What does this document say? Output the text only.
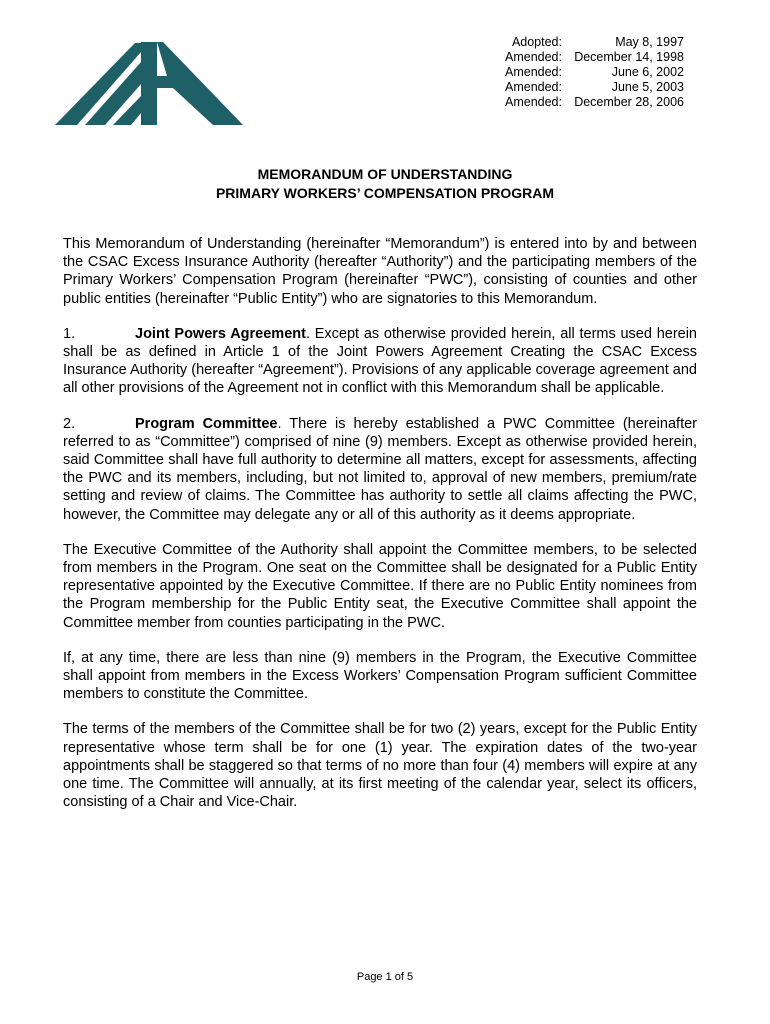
Adopted:	May 8, 1997
Amended:	December 14, 1998
Amended:	June 6, 2002
Amended:	June 5, 2003
Amended:	December 28, 2006
MEMORANDUM OF UNDERSTANDING
PRIMARY WORKERS’ COMPENSATION PROGRAM

This Memorandum of Understanding (hereinafter “Memorandum”) is entered into by and between the CSAC Excess Insurance Authority (hereafter “Authority”) and the participating members of the Primary Workers’ Compensation Program (hereinafter “PWC”), consisting of counties and other public entities (hereinafter “Public Entity”) who are signatories to this Memorandum.

1.	Joint Powers Agreement. Except as otherwise provided herein, all terms used herein shall be as defined in Article 1 of the Joint Powers Agreement Creating the CSAC Excess Insurance Authority (hereafter “Agreement”). Provisions of any applicable coverage agreement and all other provisions of the Agreement not in conflict with this Memorandum shall be applicable.

2.	Program Committee. There is hereby established a PWC Committee (hereinafter referred to as “Committee”) comprised of nine (9) members. Except as otherwise provided herein, said Committee shall have full authority to determine all matters, except for assessments, affecting the PWC and its members, including, but not limited to, approval of new members, premium/rate setting and review of claims. The Committee has authority to settle all claims affecting the PWC, however, the Committee may delegate any or all of this authority as it deems appropriate.

The Executive Committee of the Authority shall appoint the Committee members, to be selected from members in the Program. One seat on the Committee shall be designated for a Public Entity representative appointed by the Executive Committee. If there are no Public Entity nominees from the Program membership for the Public Entity seat, the Executive Committee shall appoint the Committee member from counties participating in the PWC.

If, at any time, there are less than nine (9) members in the Program, the Executive Committee shall appoint from members in the Excess Workers’ Compensation Program sufficient Committee members to constitute the Committee.

The terms of the members of the Committee shall be for two (2) years, except for the Public Entity representative whose term shall be for one (1) year. The expiration dates of the two-year appointments shall be staggered so that terms of no more than four (4) members will expire at any one time. The Committee will annually, at its first meeting of the calendar year, select its officers, consisting of a Chair and Vice-Chair.

Page 1 of 5
